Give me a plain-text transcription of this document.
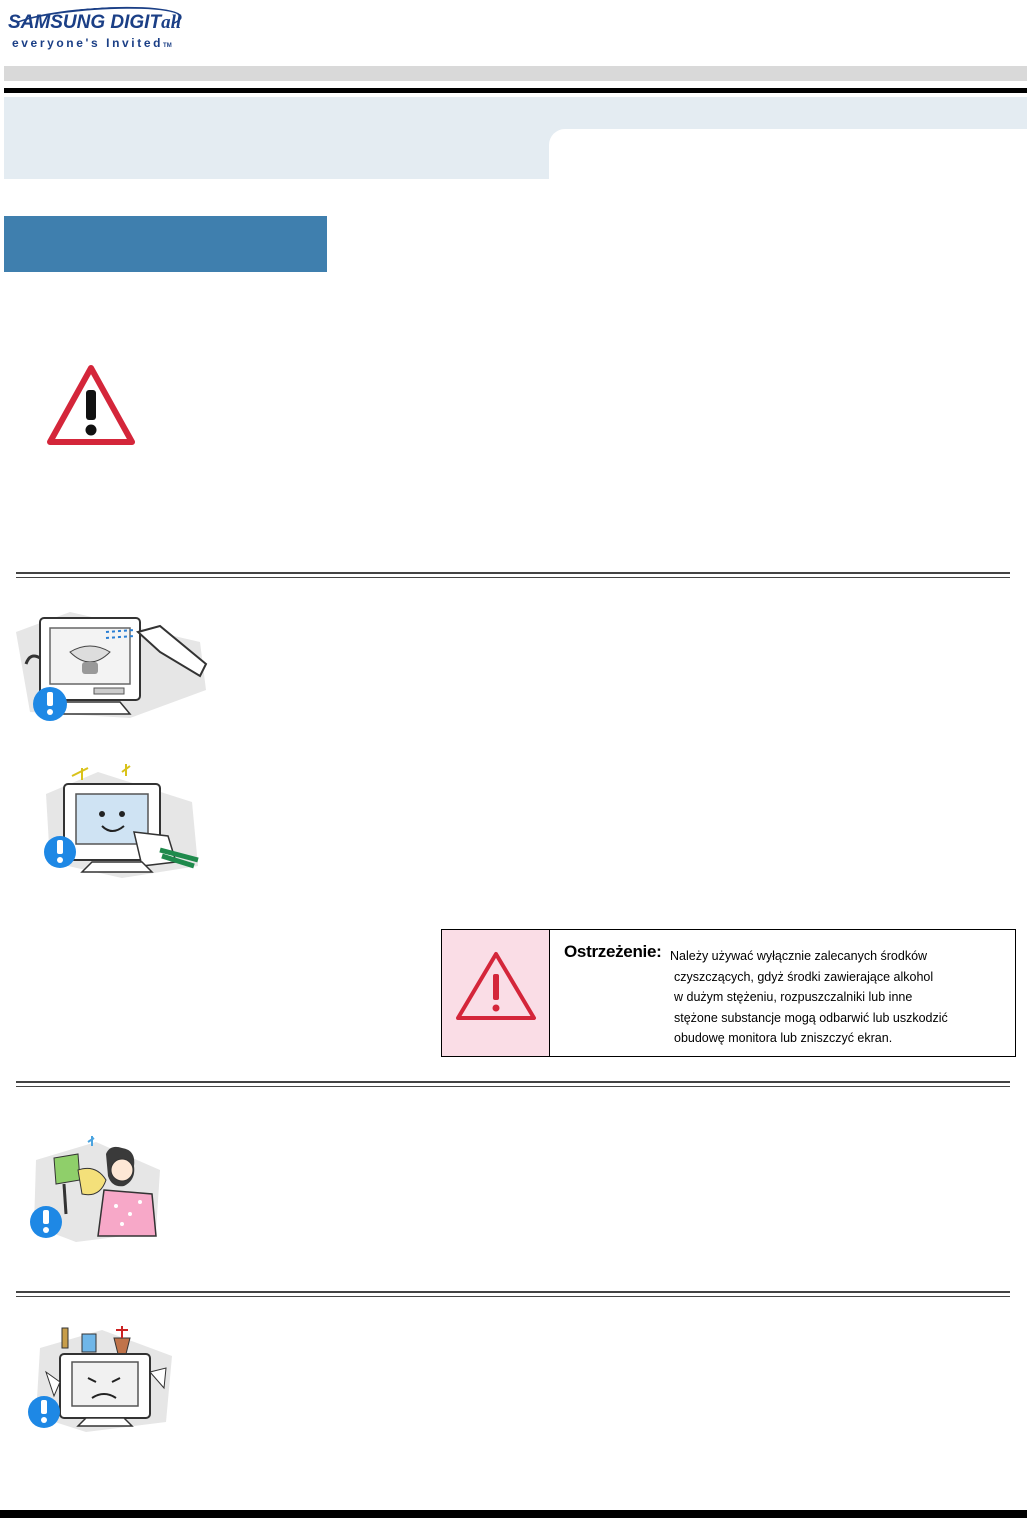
SAMSUNG DIGITall
everyone's InvitedTM
Ostrzeżenie: Należy używać wyłącznie zalecanych środków
czyszczących, gdyż środki zawierające alkohol
w dużym stężeniu, rozpuszczalniki lub inne
stężone substancje mogą odbarwić lub uszkodzić
obudowę monitora lub zniszczyć ekran.
